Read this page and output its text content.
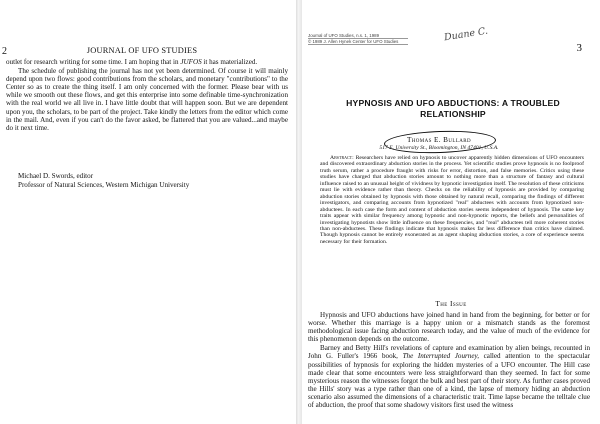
2	JOURNAL OF UFO STUDIES

outlet for research writing for some time. I am hoping that in JUFOS it has materialized.

The schedule of publishing the journal has not yet been determined. Of course it will mainly depend upon two flows: good contributions from the scholars, and monetary "contributions" to the Center so as to create the thing itself. I am only concerned with the former. Please bear with us while we smooth out these flows, and get this enterprise into some definable time-synchronization with the real world we all live in. I have little doubt that will happen soon. But we are dependent upon you, the scholars, to be part of the project. Take kindly the letters from the editor which come in the mail. And, even if you can't do the favor asked, be flattered that you are valued...and maybe do it next time.

Michael D. Swords, editor
Professor of Natural Sciences, Western Michigan University
Journal of UFO Studies, n.s. 1, 1989
© 1989 J. Allen Hynek Center for UFO Studies	Duane C.
3
HYPNOSIS AND UFO ABDUCTIONS: A TROUBLED
RELATIONSHIP
Thomas E. Bullard
517 E. University St., Bloomington, IN 47401, U.S.A.
Abstract: Researchers have relied on hypnosis to uncover apparently hidden dimensions of UFO encounters and discovered extraordinary abduction stories in the process. Yet scientific studies prove hypnosis is no foolproof truth serum, rather a procedure fraught with risks for error, distortion, and false memories. Critics using these studies have charged that abduction stories amount to nothing more than a structure of fantasy and cultural influence raised to an unusual height of vividness by hypnotic investigation itself. The resolution of these criticisms must lie with evidence rather than theory. Checks on the reliability of hypnosis are provided by comparing abduction stories obtained by hypnosis with those obtained by natural recall, comparing the findings of different investigators, and comparing accounts from hypnotized "real" abductees with accounts from hypnotized non-abductees. In each case the form and content of abduction stories seems independent of hypnosis. The same key traits appear with similar frequency among hypnotic and non-hypnotic reports, the beliefs and personalities of investigating hypnotists show little influence on these frequencies, and "real" abductees tell more coherent stories than non-abductees. These findings indicate that hypnosis makes far less difference than critics have claimed. Though hypnosis cannot be entirely exonerated as an agent shaping abduction stories, a core of experience seems necessary for their formation.
The Issue

Hypnosis and UFO abductions have joined hand in hand from the beginning, for better or for worse. Whether this marriage is a happy union or a mismatch stands as the foremost methodological issue facing abduction research today, and the value of much of the evidence for this phenomenon depends on the outcome.

Barney and Betty Hill's revelations of capture and examination by alien beings, recounted in John G. Fuller's 1966 book, The Interrupted Journey, called attention to the spectacular possibilities of hypnosis for exploring the hidden mysteries of a UFO encounter. The Hill case made clear that some encounters were less straightforward than they seemed. In fact for some mysterious reason the witnesses forgot the bulk and best part of their story. As further cases proved the Hills' story was a type rather than one of a kind, the lapse of memory hiding an abduction scenario also assumed the dimensions of a characteristic trait. Time lapse became the telltale clue of abduction, the proof that some shadowy visitors first used the witness
